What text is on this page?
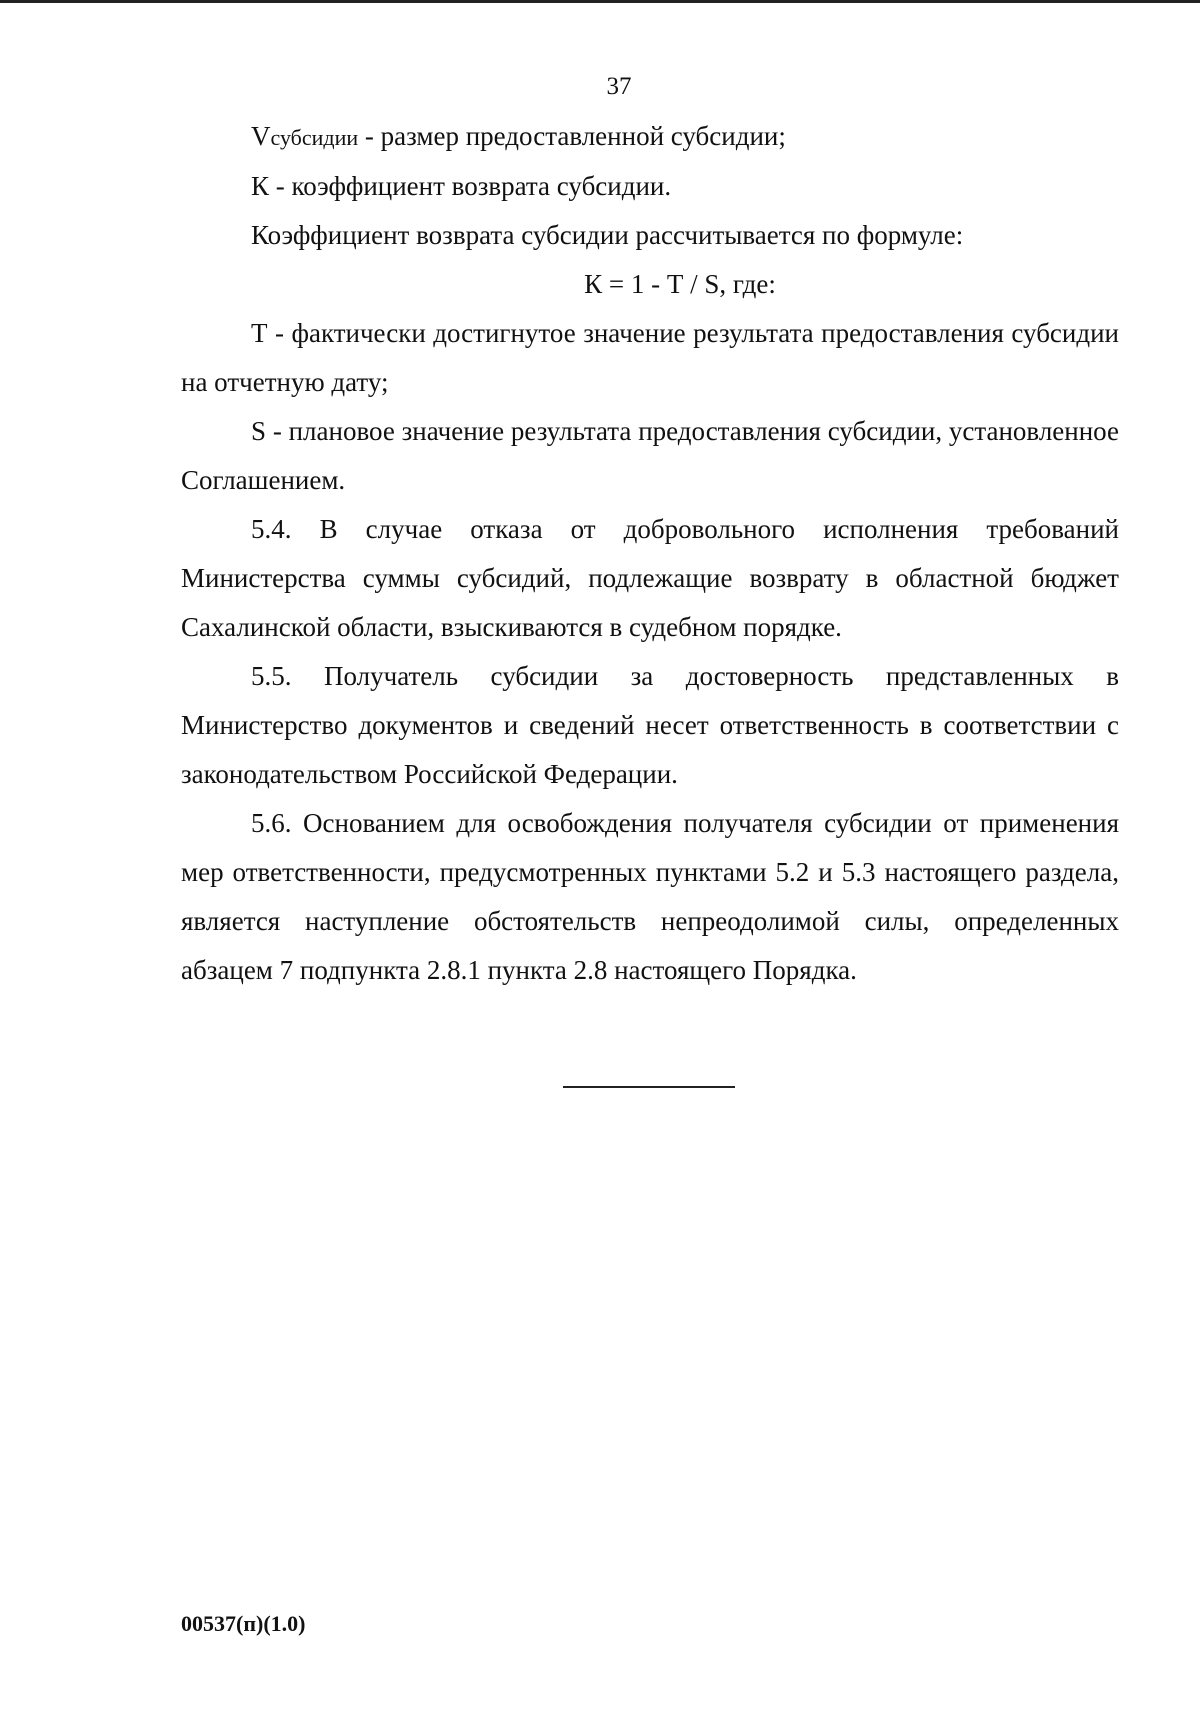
37

Vсубсидии - размер предоставленной субсидии;

К - коэффициент возврата субсидии.

Коэффициент возврата субсидии рассчитывается по формуле:

К = 1 - Т / S, где:

Т - фактически достигнутое значение результата предоставления субсидии на отчетную дату;

S - плановое значение результата предоставления субсидии, установленное Соглашением.

5.4. В случае отказа от добровольного исполнения требований Министерства суммы субсидий, подлежащие возврату в областной бюджет Сахалинской области, взыскиваются в судебном порядке.

5.5. Получатель субсидии за достоверность представленных в Министерство документов и сведений несет ответственность в соответствии с законодательством Российской Федерации.

5.6. Основанием для освобождения получателя субсидии от применения мер ответственности, предусмотренных пунктами 5.2 и 5.3 настоящего раздела, является наступление обстоятельств непреодолимой силы, определенных абзацем 7 подпункта 2.8.1 пункта 2.8 настоящего Порядка.

00537(п)(1.0)
